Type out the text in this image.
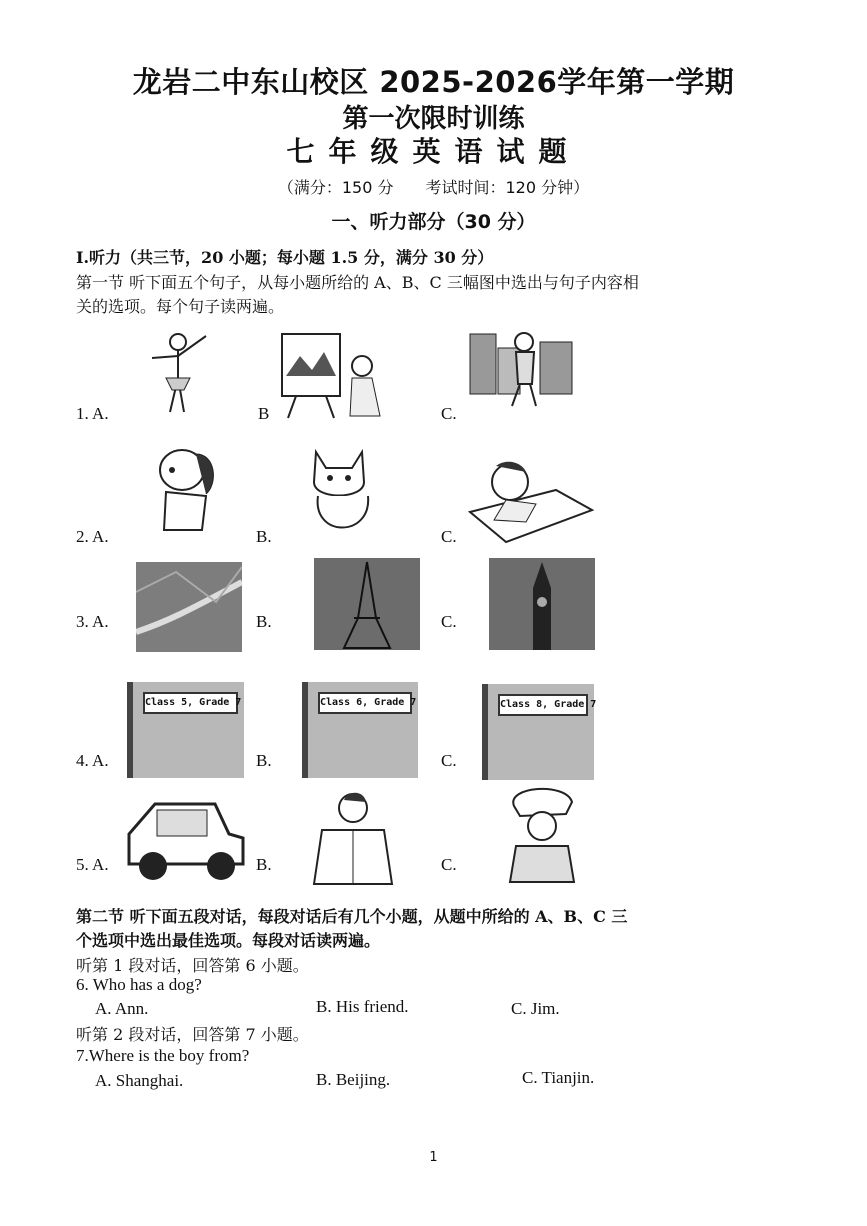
龙岩二中东山校区 2025-2026学年第一学期
第一次限时训练
七年级英语试题
（满分：150 分　　考试时间：120 分钟）
一、听力部分（30 分）
I.听力（共三节，20 小题；每小题 1.5 分，满分 30 分）
第一节 听下面五个句子，从每小题所给的 A、B、C 三幅图中选出与句子内容相
关的选项。每个句子读两遍。
1. A.	B	C.
2. A.	B.	C.
3. A.	B.	C.
4. A.
Class 5, Grade 7
B.
Class 6, Grade 7
C.
Class 8, Grade 7
5. A.	B.	C.
第二节 听下面五段对话，每段对话后有几个小题，从题中所给的 A、B、C 三
个选项中选出最佳选项。每段对话读两遍。
听第 1 段对话，回答第 6 小题。
6. Who has a dog?
A. Ann.	B. His friend.	C. Jim.
听第 2 段对话，回答第 7 小题。
7.Where is the boy from?
A. Shanghai.	B. Beijing.	C. Tianjin.
1
